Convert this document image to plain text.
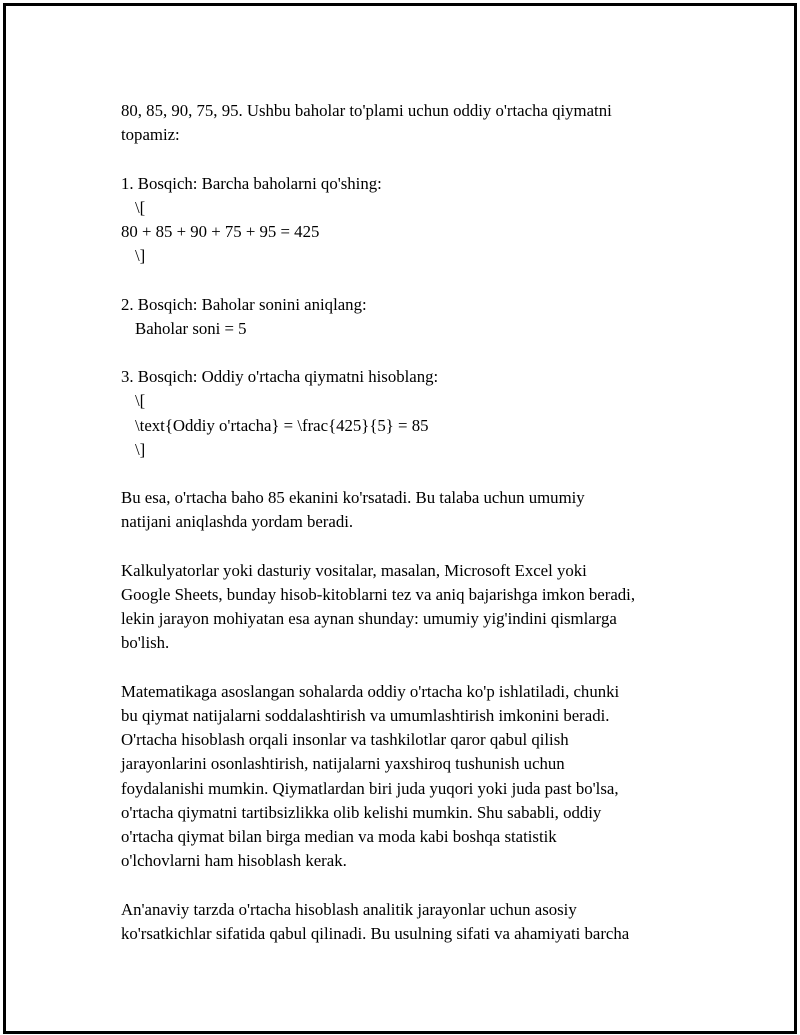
80, 85, 90, 75, 95. Ushbu baholar to'plami uchun oddiy o'rtacha qiymatni
topamiz:
1. Bosqich: Barcha baholarni qo'shing:
\[
80 + 85 + 90 + 75 + 95 = 425
\]
2. Bosqich: Baholar sonini aniqlang:
Baholar soni = 5
3. Bosqich: Oddiy o'rtacha qiymatni hisoblang:
\[
\text{Oddiy o'rtacha} = \frac{425}{5} = 85
\]
Bu esa, o'rtacha baho 85 ekanini ko'rsatadi. Bu talaba uchun umumiy
natijani aniqlashda yordam beradi.
Kalkulyatorlar yoki dasturiy vositalar, masalan, Microsoft Excel yoki
Google Sheets, bunday hisob-kitoblarni tez va aniq bajarishga imkon beradi,
lekin jarayon mohiyatan esa aynan shunday: umumiy yig'indini qismlarga
bo'lish.
Matematikaga asoslangan sohalarda oddiy o'rtacha ko'p ishlatiladi, chunki
bu qiymat natijalarni soddalashtirish va umumlashtirish imkonini beradi.
O'rtacha hisoblash orqali insonlar va tashkilotlar qaror qabul qilish
jarayonlarini osonlashtirish, natijalarni yaxshiroq tushunish uchun
foydalanishi mumkin. Qiymatlardan biri juda yuqori yoki juda past bo'lsa,
o'rtacha qiymatni tartibsizlikka olib kelishi mumkin. Shu sababli, oddiy
o'rtacha qiymat bilan birga median va moda kabi boshqa statistik
o'lchovlarni ham hisoblash kerak.
An'anaviy tarzda o'rtacha hisoblash analitik jarayonlar uchun asosiy
ko'rsatkichlar sifatida qabul qilinadi. Bu usulning sifati va ahamiyati barcha
